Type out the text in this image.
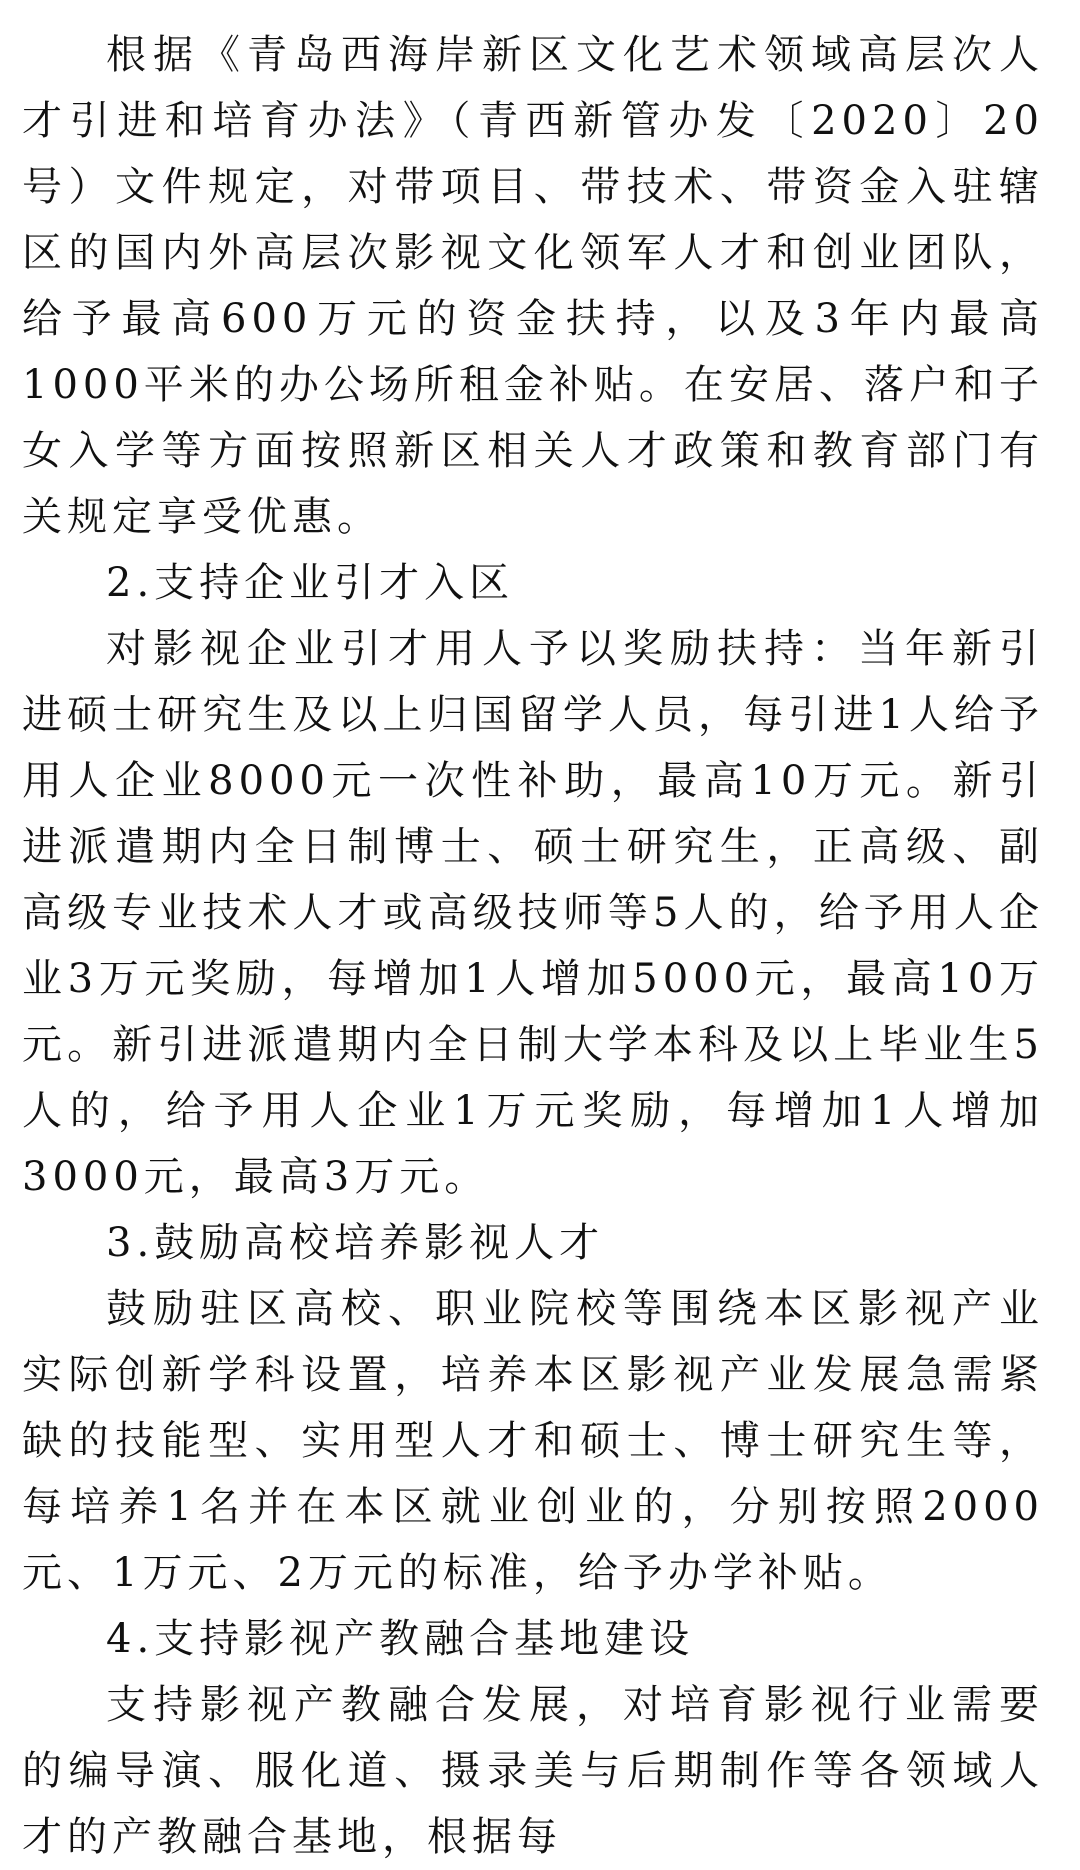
根据《青岛西海岸新区文化艺术领域高层次人才引进和培育办法》（青西新管办发〔2020〕20号）文件规定，对带项目、带技术、带资金入驻辖区的国内外高层次影视文化领军人才和创业团队，给予最高600万元的资金扶持，以及3年内最高1000平米的办公场所租金补贴。在安居、落户和子女入学等方面按照新区相关人才政策和教育部门有关规定享受优惠。

2.支持企业引才入区

对影视企业引才用人予以奖励扶持：当年新引进硕士研究生及以上归国留学人员，每引进1人给予用人企业8000元一次性补助，最高10万元。新引进派遣期内全日制博士、硕士研究生，正高级、副高级专业技术人才或高级技师等5人的，给予用人企业3万元奖励，每增加1人增加5000元，最高10万元。新引进派遣期内全日制大学本科及以上毕业生5人的，给予用人企业1万元奖励，每增加1人增加3000元，最高3万元。

3.鼓励高校培养影视人才

鼓励驻区高校、职业院校等围绕本区影视产业实际创新学科设置，培养本区影视产业发展急需紧缺的技能型、实用型人才和硕士、博士研究生等，每培养1名并在本区就业创业的，分别按照2000元、1万元、2万元的标准，给予办学补贴。

4.支持影视产教融合基地建设

支持影视产教融合发展，对培育影视行业需要的编导演、服化道、摄录美与后期制作等各领域人才的产教融合基地，根据每
